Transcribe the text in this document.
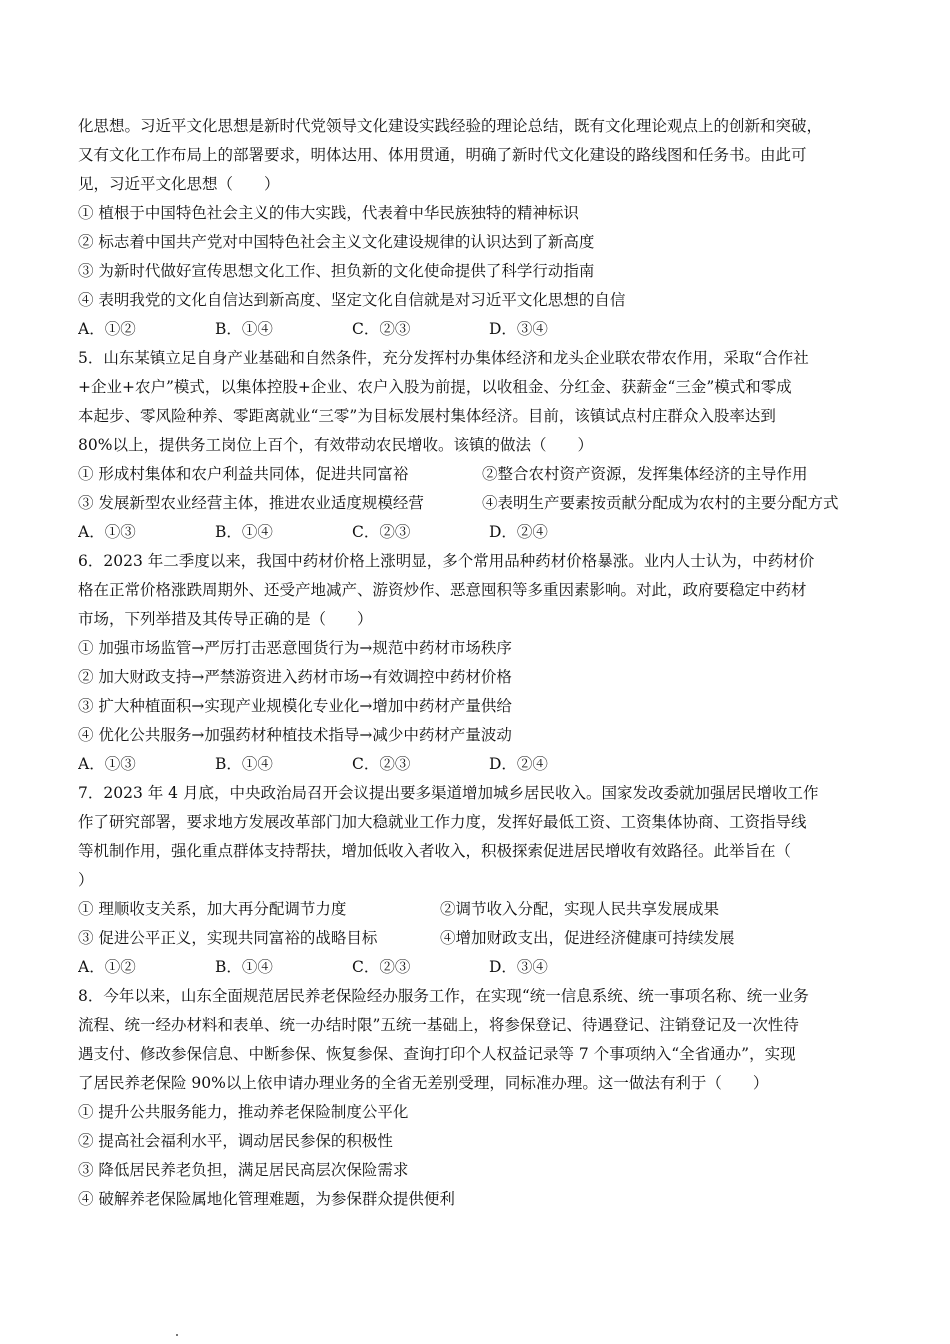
化思想。习近平文化思想是新时代党领导文化建设实践经验的理论总结，既有文化理论观点上的创新和突破，
又有文化工作布局上的部署要求，明体达用、体用贯通，明确了新时代文化建设的路线图和任务书。由此可
见，习近平文化思想（　　）
① 植根于中国特色社会主义的伟大实践，代表着中华民族独特的精神标识
② 标志着中国共产党对中国特色社会主义文化建设规律的认识达到了新高度
③ 为新时代做好宣传思想文化工作、担负新的文化使命提供了科学行动指南
④ 表明我党的文化自信达到新高度、坚定文化自信就是对习近平文化思想的自信
A．①②	B．①④	C．②③	D．③④
5．山东某镇立足自身产业基础和自然条件，充分发挥村办集体经济和龙头企业联农带农作用，采取“合作社
+企业+农户”模式，以集体控股+企业、农户入股为前提，以收租金、分红金、获薪金“三金”模式和零成
本起步、零风险种养、零距离就业“三零”为目标发展村集体经济。目前，该镇试点村庄群众入股率达到
80%以上，提供务工岗位上百个，有效带动农民增收。该镇的做法（　　）
① 形成村集体和农户利益共同体，促进共同富裕	②整合农村资产资源，发挥集体经济的主导作用
③ 发展新型农业经营主体，推进农业适度规模经营	④表明生产要素按贡献分配成为农村的主要分配方式
A．①③	B．①④	C．②③	D．②④
6．2023 年二季度以来，我国中药材价格上涨明显，多个常用品种药材价格暴涨。业内人士认为，中药材价
格在正常价格涨跌周期外、还受产地减产、游资炒作、恶意囤积等多重因素影响。对此，政府要稳定中药材
市场，下列举措及其传导正确的是（　　）
① 加强市场监管→严厉打击恶意囤货行为→规范中药材市场秩序
② 加大财政支持→严禁游资进入药材市场→有效调控中药材价格
③ 扩大种植面积→实现产业规模化专业化→增加中药材产量供给
④ 优化公共服务→加强药材种植技术指导→减少中药材产量波动
A．①③	B．①④	C．②③	D．②④
7．2023 年 4 月底，中央政治局召开会议提出要多渠道增加城乡居民收入。国家发改委就加强居民增收工作
作了研究部署，要求地方发展改革部门加大稳就业工作力度，发挥好最低工资、工资集体协商、工资指导线
等机制作用，强化重点群体支持帮扶，增加低收入者收入，积极探索促进居民增收有效路径。此举旨在（
）
① 理顺收支关系，加大再分配调节力度	②调节收入分配，实现人民共享发展成果
③ 促进公平正义，实现共同富裕的战略目标	④增加财政支出，促进经济健康可持续发展
A．①②	B．①④	C．②③	D．③④
8．今年以来，山东全面规范居民养老保险经办服务工作，在实现“统一信息系统、统一事项名称、统一业务
流程、统一经办材料和表单、统一办结时限”五统一基础上，将参保登记、待遇登记、注销登记及一次性待
遇支付、修改参保信息、中断参保、恢复参保、查询打印个人权益记录等 7 个事项纳入“全省通办”，实现
了居民养老保险 90%以上依申请办理业务的全省无差别受理，同标准办理。这一做法有利于（　　）
① 提升公共服务能力，推动养老保险制度公平化
② 提高社会福利水平，调动居民参保的积极性
③ 降低居民养老负担，满足居民高层次保险需求
④ 破解养老保险属地化管理难题，为参保群众提供便利
